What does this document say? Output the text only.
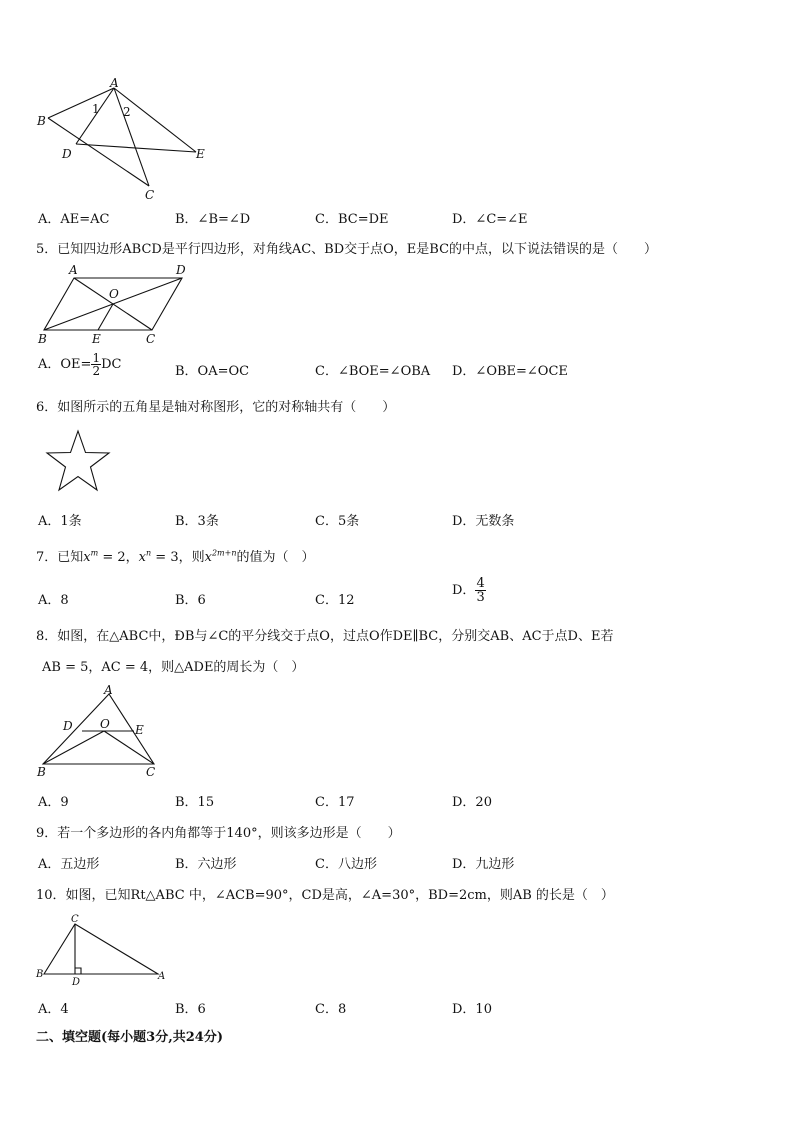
A
B
C
D	E
1 2
A．AE=AC	B．∠B=∠D	C．BC=DE	D．∠C=∠E
5．已知四边形ABCD是平行四边形，对角线AC、BD交于点O，E是BC的中点，以下说法错误的是（　　）
A	D
O
B	E	C
A．$OE= \frac{1}{2}$ DC	B．OA=OC	C．∠BOE=∠OBA D．∠OBE=∠OCE
6．如图所示的五角星是轴对称图形，它的对称轴共有（　　）
A．1条	B．3条	C．5条	D．无数条
7．已知$x^m = 2$，$x^n = 3$，则$x^{2m+n}$的值为（　）
A．8	B．6	C．12
D． $\frac{4}{3}$
8．如图，在△ABC中，ÐB与∠C的平分线交于点O，过点O作DE∥BC，分别交AB、AC于点D、E若
AB = 5，AC = 4，则△ADE的周长为（　）
A
D O E
B	C
A．9	B．15	C．17	D．20
9．若一个多边形的各内角都等于140°，则该多边形是（　　）
A．五边形	B．六边形	C．八边形	D．九边形
10．如图，已知Rt△ABC 中，∠ACB=90°，CD是高，∠A=30°，BD=2cm，则AB 的长是（　）
C
B
D
A
A．4	B．6	C．8	D．10
二、填空题(每小题3分,共24分)
